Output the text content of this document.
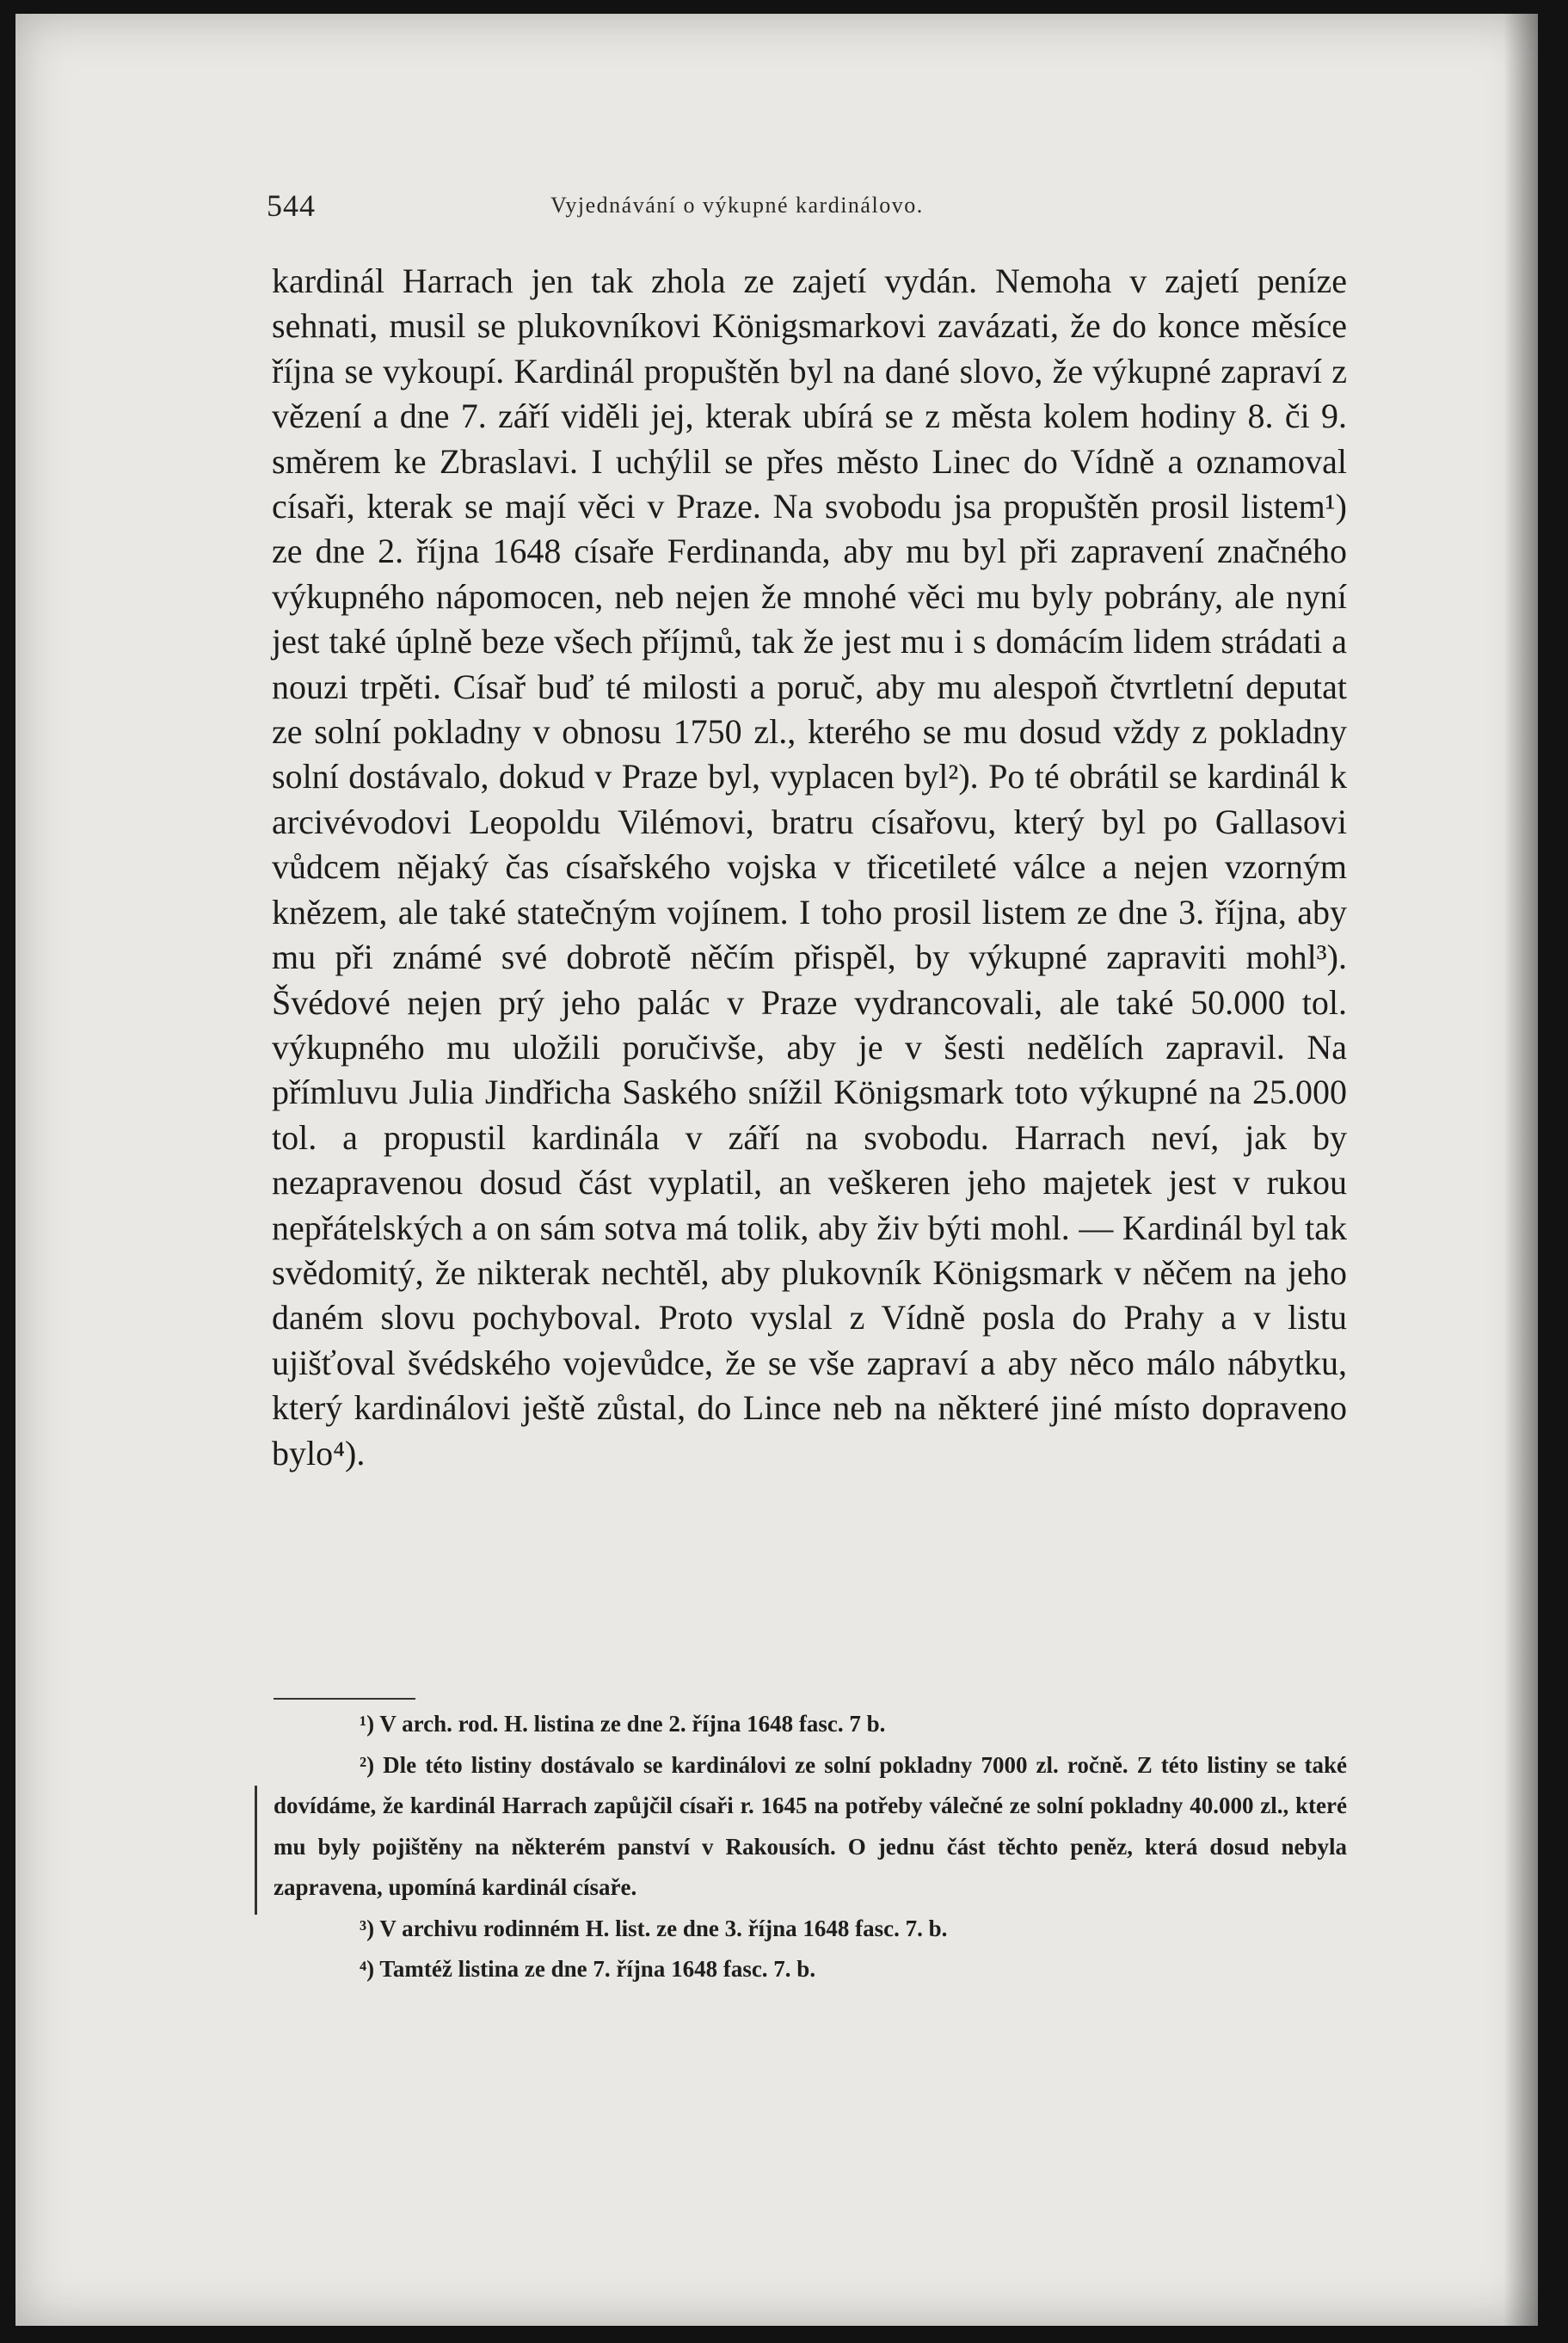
544	Vyjednávání o výkupné kardinálovo.

kardinál Harrach jen tak zhola ze zajetí vydán. Nemoha v zajetí peníze sehnati, musil se plukovníkovi Königsmarkovi zavázati, že do konce měsíce října se vykoupí. Kardinál propuštěn byl na dané slovo, že výkupné zapraví z vězení a dne 7. září viděli jej, kterak ubírá se z města kolem hodiny 8. či 9. směrem ke Zbraslavi. I uchýlil se přes město Linec do Vídně a oznamoval císaři, kterak se mají věci v Praze. Na svobodu jsa propuštěn prosil listem¹) ze dne 2. října 1648 císaře Ferdinanda, aby mu byl při zapravení značného výkupného nápomocen, neb nejen že mnohé věci mu byly pobrány, ale nyní jest také úplně beze všech příjmů, tak že jest mu i s domácím lidem strádati a nouzi trpěti. Císař buď té milosti a poruč, aby mu alespoň čtvrtletní deputat ze solní pokladny v obnosu 1750 zl., kterého se mu dosud vždy z pokladny solní dostávalo, dokud v Praze byl, vyplacen byl²). Po té obrátil se kardinál k arcivévodovi Leopoldu Vilémovi, bratru císařovu, který byl po Gallasovi vůdcem nějaký čas císařského vojska v třicetileté válce a nejen vzorným knězem, ale také statečným vojínem. I toho prosil listem ze dne 3. října, aby mu při známé své dobrotě něčím přispěl, by výkupné zapraviti mohl³). Švédové nejen prý jeho palác v Praze vydrancovali, ale také 50.000 tol. výkupného mu uložili poručivše, aby je v šesti nedělích zapravil. Na přímluvu Julia Jindřicha Saského snížil Königsmark toto výkupné na 25.000 tol. a propustil kardinála v září na svobodu. Harrach neví, jak by nezapravenou dosud část vyplatil, an veškeren jeho majetek jest v rukou nepřátelských a on sám sotva má tolik, aby živ býti mohl. — Kardinál byl tak svědomitý, že nikterak nechtěl, aby plukovník Königsmark v něčem na jeho daném slovu pochyboval. Proto vyslal z Vídně posla do Prahy a v listu ujišťoval švédského vojevůdce, že se vše zapraví a aby něco málo nábytku, který kardinálovi ještě zůstal, do Lince neb na některé jiné místo dopraveno bylo⁴).

¹) V arch. rod. H. listina ze dne 2. října 1648 fasc. 7 b.

²) Dle této listiny dostávalo se kardinálovi ze solní pokladny 7000 zl. ročně. Z této listiny se také dovídáme, že kardinál Harrach zapůjčil císaři r. 1645 na potřeby válečné ze solní pokladny 40.000 zl., které mu byly pojištěny na některém panství v Rakousích. O jednu část těchto peněz, která dosud nebyla zapravena, upomíná kardinál císaře.

³) V archivu rodinném H. list. ze dne 3. října 1648 fasc. 7. b.

⁴) Tamtéž listina ze dne 7. října 1648 fasc. 7. b.
